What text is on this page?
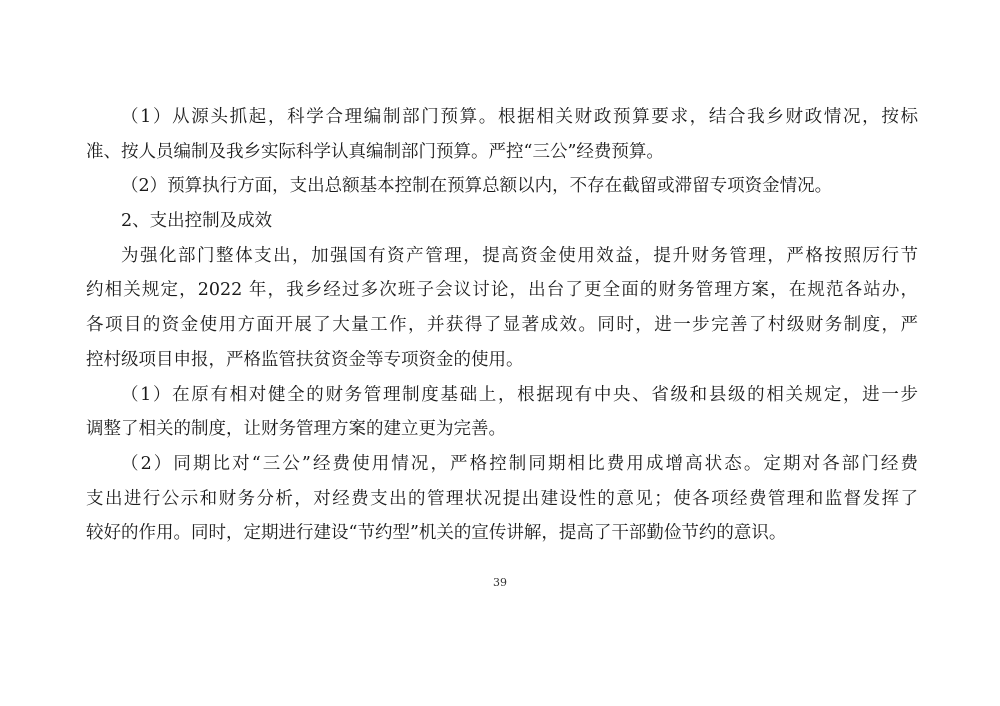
（1）从源头抓起，科学合理编制部门预算。根据相关财政预算要求，结合我乡财政情况，按标
准、按人员编制及我乡实际科学认真编制部门预算。严控“三公”经费预算。
（2）预算执行方面，支出总额基本控制在预算总额以内，不存在截留或滞留专项资金情况。
2、支出控制及成效
为强化部门整体支出，加强国有资产管理，提高资金使用效益，提升财务管理，严格按照厉行节
约相关规定，2022 年，我乡经过多次班子会议讨论，出台了更全面的财务管理方案，在规范各站办，
各项目的资金使用方面开展了大量工作，并获得了显著成效。同时，进一步完善了村级财务制度，严
控村级项目申报，严格监管扶贫资金等专项资金的使用。
（1）在原有相对健全的财务管理制度基础上，根据现有中央、省级和县级的相关规定，进一步
调整了相关的制度，让财务管理方案的建立更为完善。
（2）同期比对“三公”经费使用情况，严格控制同期相比费用成增高状态。定期对各部门经费
支出进行公示和财务分析，对经费支出的管理状况提出建设性的意见；使各项经费管理和监督发挥了
较好的作用。同时，定期进行建设“节约型”机关的宣传讲解，提高了干部勤俭节约的意识。
39
